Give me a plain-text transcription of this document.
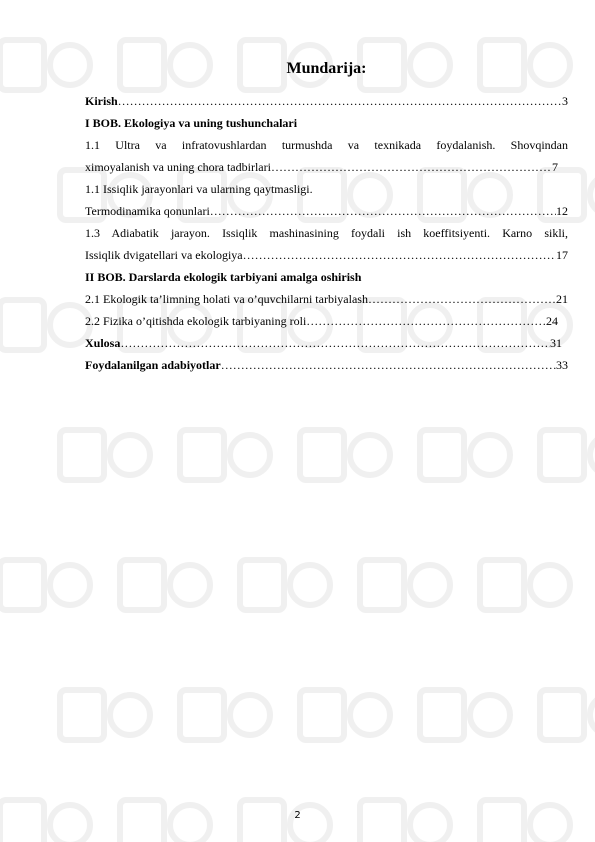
Mundarija:
Kirish ………………………………………………………………………………………………………………………………………………………………………………	3
I BOB. Ekologiya va uning tushunchalari
1.1 Ultra va infratovushlardan turmushda va texnikada foydalanish. Shovqindan
ximoyalanish va uning chora tadbirlari ………………………………………………………………………………………………………………………………………………………………………………	7
1.1 Issiqlik jarayonlari va ularning qaytmasligi.
Termodinamika qonunlari ………………………………………………………………………………………………………………………………………………………………………………	12
1.3 Adiabatik jarayon. Issiqlik mashinasining foydali ish koeffitsiyenti. Karno sikli,
Issiqlik dvigatellari va ekologiya ………………………………………………………………………………………………………………………………………………………………………………	17
II BOB. Darslarda ekologik tarbiyani amalga oshirish
2.1 Ekologik ta’limning holati va o’quvchilarni tarbiyalash ………………………………………………………………………………………………………………………………………………………………………………	21
2.2 Fizika o’qitishda ekologik tarbiyaning roli ………………………………………………………………………………………………………………………………………………………………………………	24
Xulosa ………………………………………………………………………………………………………………………………………………………………………………	31
Foydalanilgan adabiyotlar ………………………………………………………………………………………………………………………………………………………………………………	33
2
